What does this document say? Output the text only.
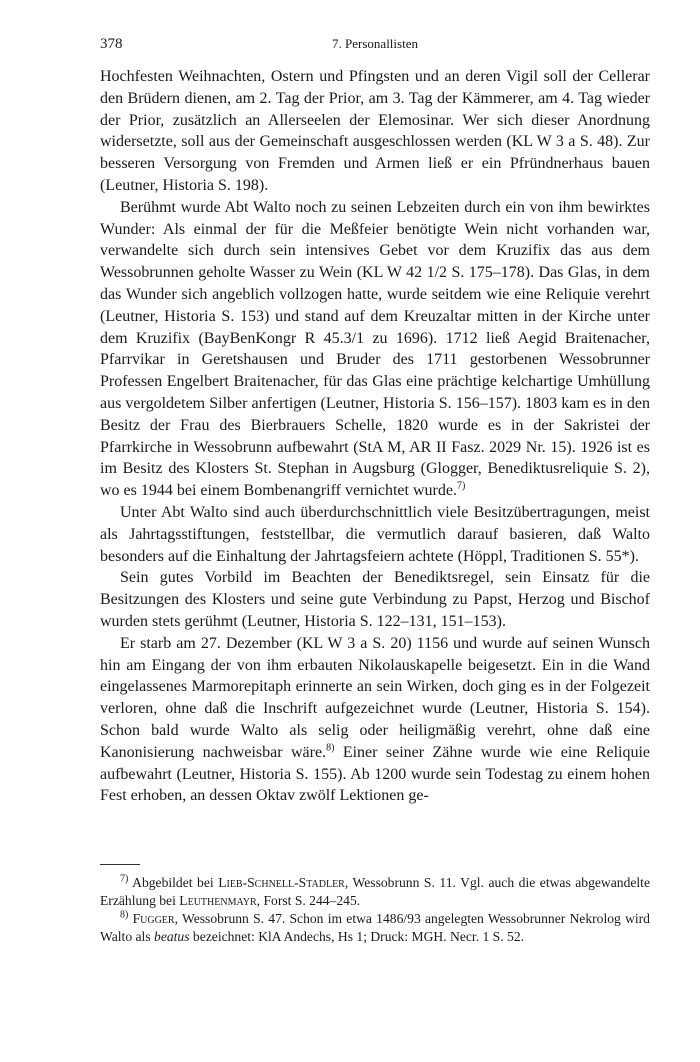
378	7. Personallisten

Hochfesten Weihnachten, Ostern und Pfingsten und an deren Vigil soll der Cellerar den Brüdern dienen, am 2. Tag der Prior, am 3. Tag der Kämmerer, am 4. Tag wieder der Prior, zusätzlich an Allerseelen der Elemosinar. Wer sich dieser Anordnung widersetzte, soll aus der Gemeinschaft ausgeschlossen werden (KL W 3 a S. 48). Zur besseren Versorgung von Fremden und Armen ließ er ein Pfründnerhaus bauen (Leutner, Historia S. 198).

Berühmt wurde Abt Walto noch zu seinen Lebzeiten durch ein von ihm bewirktes Wunder: Als einmal der für die Meßfeier benötigte Wein nicht vorhanden war, verwandelte sich durch sein intensives Gebet vor dem Kruzifix das aus dem Wessobrunnen geholte Wasser zu Wein (KL W 42 1/2 S. 175–178). Das Glas, in dem das Wunder sich angeblich vollzogen hatte, wurde seitdem wie eine Reliquie verehrt (Leutner, Historia S. 153) und stand auf dem Kreuzaltar mitten in der Kirche unter dem Kruzifix (BayBenKongr R 45.3/1 zu 1696). 1712 ließ Aegid Braitenacher, Pfarrvikar in Geretshausen und Bruder des 1711 gestorbenen Wessobrunner Professen Engelbert Braitenacher, für das Glas eine prächtige kelchartige Umhüllung aus vergoldetem Silber anfertigen (Leutner, Historia S. 156–157). 1803 kam es in den Besitz der Frau des Bierbrauers Schelle, 1820 wurde es in der Sakristei der Pfarrkirche in Wessobrunn aufbewahrt (StA M, AR II Fasz. 2029 Nr. 15). 1926 ist es im Besitz des Klosters St. Stephan in Augsburg (Glogger, Benediktusreliquie S. 2), wo es 1944 bei einem Bombenangriff vernichtet wurde.$^{7)}$

Unter Abt Walto sind auch überdurchschnittlich viele Besitzübertragungen, meist als Jahrtagsstiftungen, feststellbar, die vermutlich darauf basieren, daß Walto besonders auf die Einhaltung der Jahrtagsfeiern achtete (Höppl, Traditionen S. 55*).

Sein gutes Vorbild im Beachten der Benediktsregel, sein Einsatz für die Besitzungen des Klosters und seine gute Verbindung zu Papst, Herzog und Bischof wurden stets gerühmt (Leutner, Historia S. 122–131, 151–153).

Er starb am 27. Dezember (KL W 3 a S. 20) 1156 und wurde auf seinen Wunsch hin am Eingang der von ihm erbauten Nikolauskapelle beigesetzt. Ein in die Wand eingelassenes Marmorepitaph erinnerte an sein Wirken, doch ging es in der Folgezeit verloren, ohne daß die Inschrift aufgezeichnet wurde (Leutner, Historia S. 154). Schon bald wurde Walto als selig oder heiligmäßig verehrt, ohne daß eine Kanonisierung nachweisbar wäre.$^{8)}$ Einer seiner Zähne wurde wie eine Reliquie aufbewahrt (Leutner, Historia S. 155). Ab 1200 wurde sein Todestag zu einem hohen Fest erhoben, an dessen Oktav zwölf Lektionen ge-

$^{7)}$ Abgebildet bei Lieb-Schnell-Stadler, Wessobrunn S. 11. Vgl. auch die etwas abgewandelte Erzählung bei Leuthenmayr, Forst S. 244–245.

$^{8)}$ Fugger, Wessobrunn S. 47. Schon im etwa 1486/93 angelegten Wessobrunner Nekrolog wird Walto als beatus bezeichnet: KlA Andechs, Hs 1; Druck: MGH. Necr. 1 S. 52.
